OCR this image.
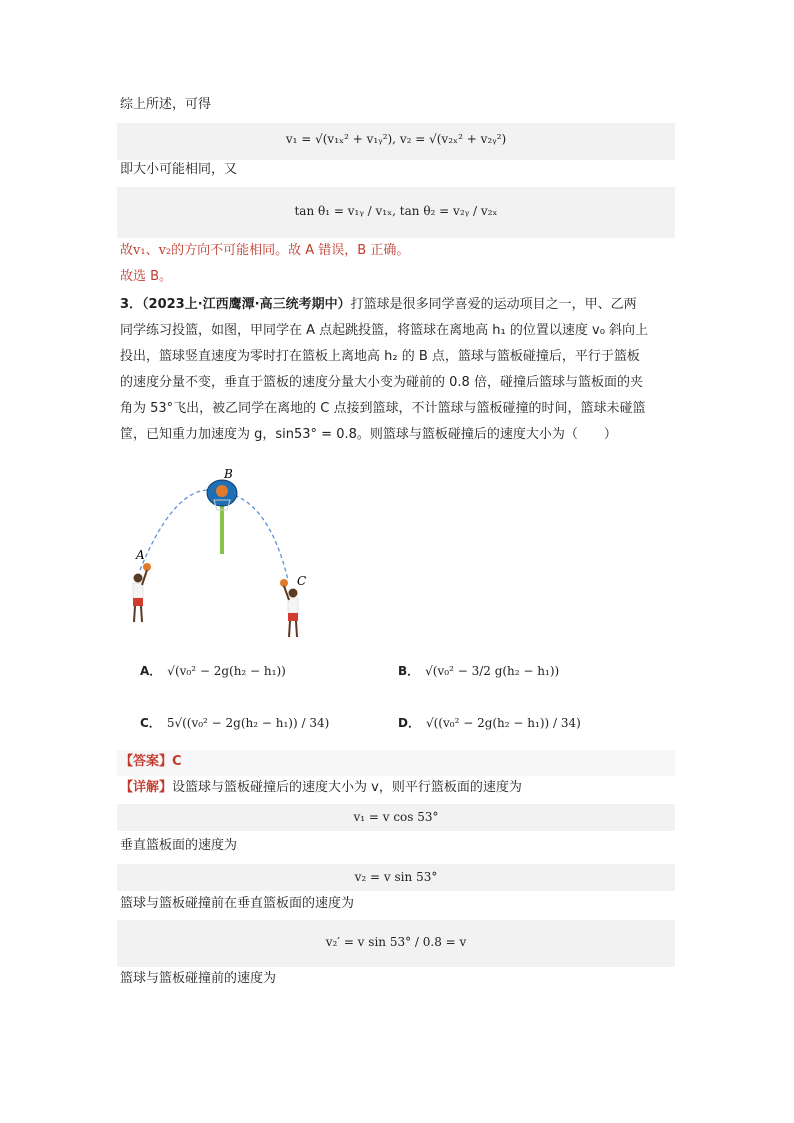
综上所述，可得
v₁ = √(v₁ₓ² + v₁ᵧ²), v₂ = √(v₂ₓ² + v₂ᵧ²)
即大小可能相同，又
tan θ₁ = v₁ᵧ / v₁ₓ, tan θ₂ = v₂ᵧ / v₂ₓ
故v₁、v₂的方向不可能相同。故 A 错误，B 正确。
故选 B。
3．（2023上·江西鹰潭·高三统考期中）打篮球是很多同学喜爱的运动项目之一，甲、乙两
同学练习投篮，如图，甲同学在 A 点起跳投篮，将篮球在离地高 h₁ 的位置以速度 v₀ 斜向上
投出，篮球竖直速度为零时打在篮板上离地高 h₂ 的 B 点，篮球与篮板碰撞后，平行于篮板
的速度分量不变，垂直于篮板的速度分量大小变为碰前的 0.8 倍，碰撞后篮球与篮板面的夹
角为 53°飞出，被乙同学在离地的 C 点接到篮球，不计篮球与篮板碰撞的时间，篮球未碰篮
筐，已知重力加速度为 g，sin53° = 0.8。则篮球与篮板碰撞后的速度大小为（　　）
B
A
C
A． √(v₀² − 2g(h₂ − h₁))	B． √(v₀² − 3/2 g(h₂ − h₁))
C． 5√((v₀² − 2g(h₂ − h₁)) / 34)	D． √((v₀² − 2g(h₂ − h₁)) / 34)
【答案】C
【详解】设篮球与篮板碰撞后的速度大小为 v，则平行篮板面的速度为
v₁ = v cos 53°
垂直篮板面的速度为
v₂ = v sin 53°
篮球与篮板碰撞前在垂直篮板面的速度为
v₂′ = v sin 53° / 0.8 = v
篮球与篮板碰撞前的速度为
